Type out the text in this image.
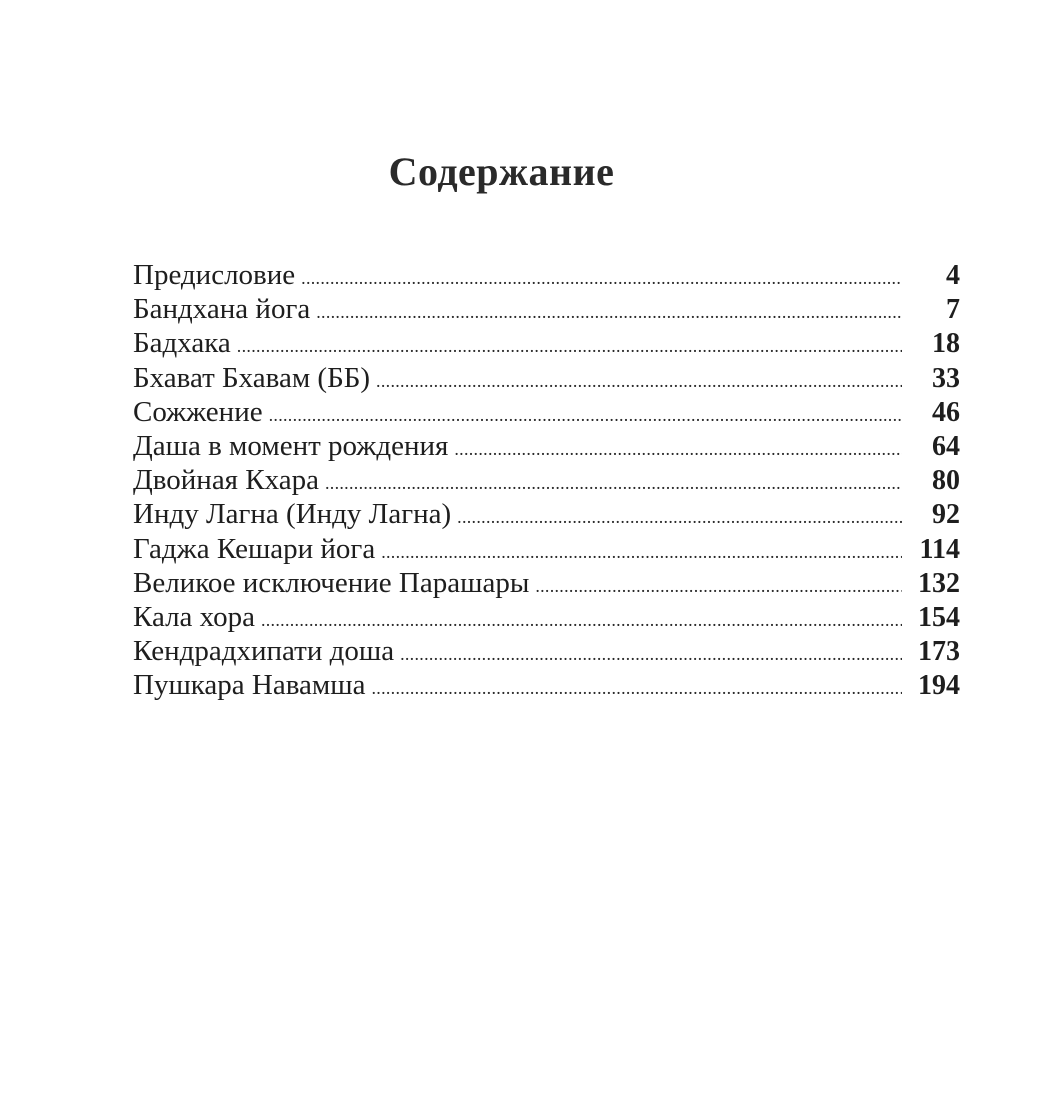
Содержание
Предисловие .....	4
Бандхана йога .....	7
Бадхака .....	18
Бхават Бхавам (ББ) .....	33
Сожжение .....	46
Даша в момент рождения .....	64
Двойная Кхара .....	80
Инду Лагна (Инду Лагна) .....	92
Гаджа Кешари йога .....	114
Великое исключение Парашары .....	132
Кала хора .....	154
Кендрадхипати доша .....	173
Пушкара Навамша .....	194
